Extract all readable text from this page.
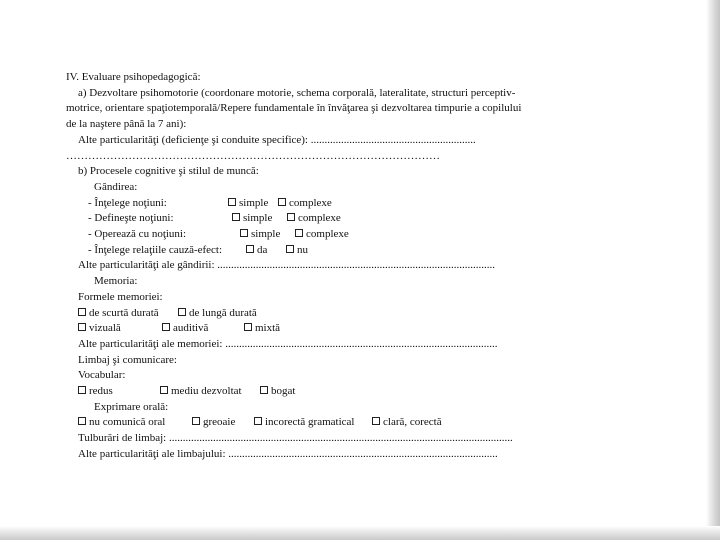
IV. Evaluare psihopedagogică:
a) Dezvoltare psihomotorie (coordonare motorie, schema corporală, lateralitate, structuri perceptiv-
motrice, orientare spaţiotemporală/Repere fundamentale în învăţarea şi dezvoltarea timpurie a copilului
de la naştere până la 7 ani):
Alte particularităţi (deficienţe şi conduite specifice): ............................................................
…………………………………………………………………………………………
b) Procesele cognitive şi stilul de muncă:
Gândirea:
- Înţelege noţiuni:	simple complexe
- Defineşte noţiuni:	simple complexe
- Operează cu noţiuni:	simple complexe
- Înţelege relaţiile cauză-efect:	da	nu
Alte particularităţi ale gândirii: .....................................................................................................
Memoria:
Formele memoriei:
de scurtă durată	de lungă durată
vizuală	auditivă	mixtă
Alte particularităţi ale memoriei: ...................................................................................................
Limbaj şi comunicare:
Vocabular:
redus	mediu dezvoltat	bogat
Exprimare orală:
nu comunică oral	greoaie	incorectă gramatical	clară, corectă
Tulburări de limbaj: .............................................................................................................................
Alte particularităţi ale limbajului: ..................................................................................................
